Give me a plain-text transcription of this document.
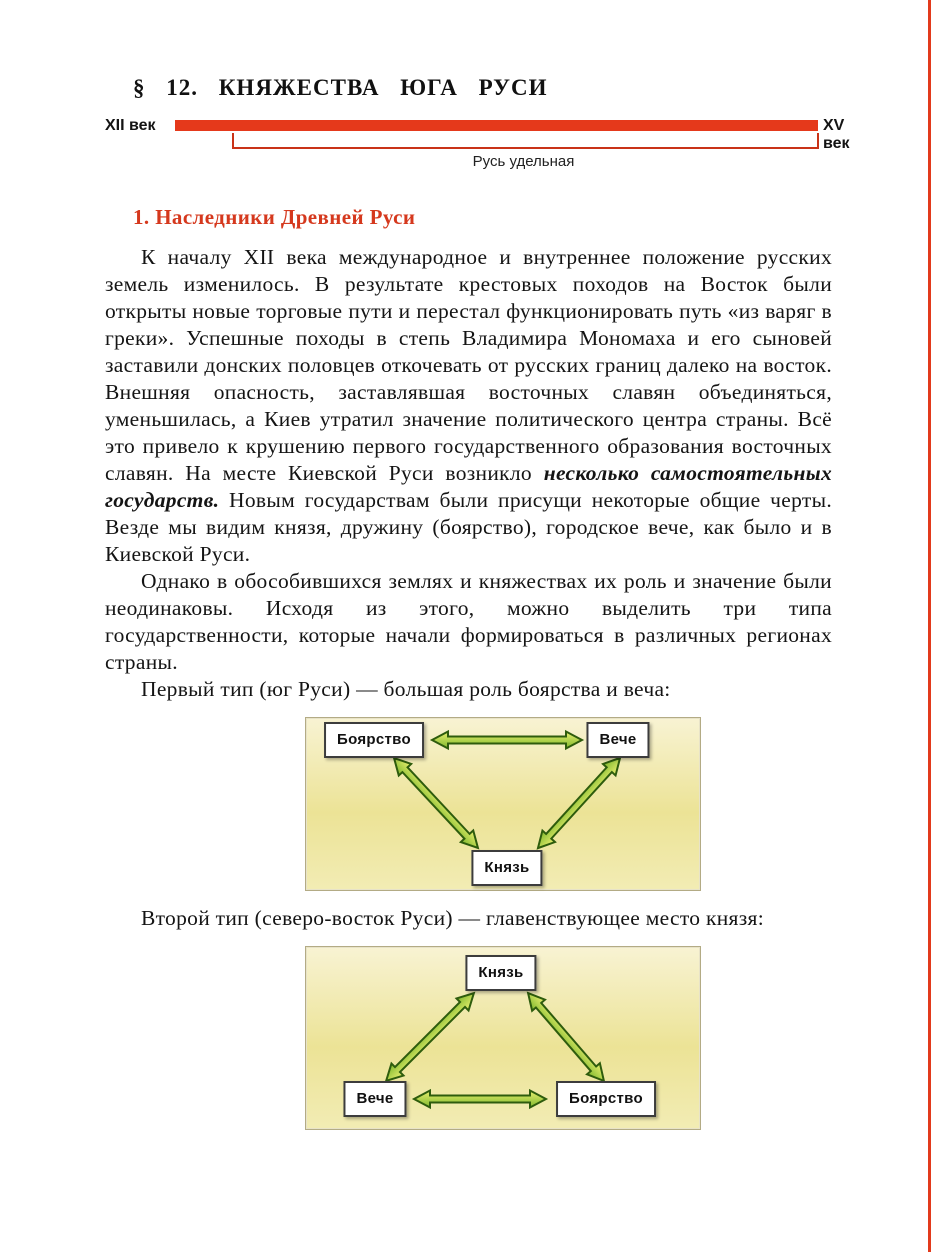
§ 12. КНЯЖЕСТВА ЮГА РУСИ
XII век	XV век
Русь удельная
1. Наследники Древней Руси

К началу XII века международное и внутреннее положение русских земель изменилось. В результате крестовых походов на Восток были открыты новые торговые пути и перестал функционировать путь «из варяг в греки». Успешные походы в степь Владимира Мономаха и его сыновей заставили донских половцев откочевать от русских границ далеко на восток. Внешняя опасность, заставлявшая восточных славян объединяться, уменьшилась, а Киев утратил значение политического центра страны. Всё это привело к крушению первого государственного образования восточных славян. На месте Киевской Руси возникло несколько самостоятельных государств. Новым государствам были присущи некоторые общие черты. Везде мы видим князя, дружину (боярство), городское вече, как было и в Киевской Руси.

Однако в обособившихся землях и княжествах их роль и значение были неодинаковы. Исходя из этого, можно выделить три типа государственности, которые начали формироваться в различных регионах страны.

Первый тип (юг Руси) — большая роль боярства и веча:

Боярство	Вече
Князь

Второй тип (северо-восток Руси) — главенствующее место князя:

Князь
Вече	Боярство
